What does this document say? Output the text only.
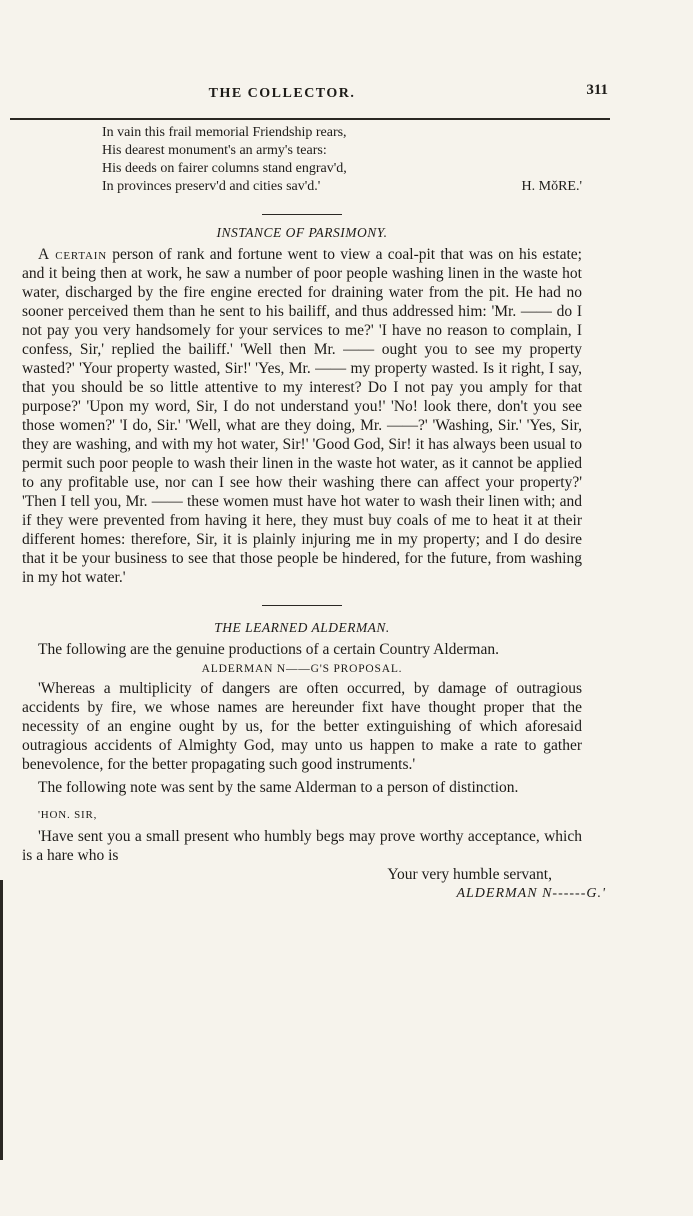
THE COLLECTOR.	311
In vain this frail memorial Friendship rears,
His dearest monument's an army's tears:
His deeds on fairer columns stand engrav'd,
In provinces preserv'd and cities sav'd.'	H. MŏRE.'
INSTANCE OF PARSIMONY.

A certain person of rank and fortune went to view a coal-pit that was on his estate; and it being then at work, he saw a number of poor people washing linen in the waste hot water, discharged by the fire engine erected for draining water from the pit. He had no sooner perceived them than he sent to his bailiff, and thus addressed him: 'Mr. —— do I not pay you very handsomely for your services to me?' 'I have no reason to complain, I confess, Sir,' replied the bailiff.' 'Well then Mr. —— ought you to see my property wasted?' 'Your property wasted, Sir!' 'Yes, Mr. —— my property wasted. Is it right, I say, that you should be so little attentive to my interest? Do I not pay you amply for that purpose?' 'Upon my word, Sir, I do not understand you!' 'No! look there, don't you see those women?' 'I do, Sir.' 'Well, what are they doing, Mr. ——?' 'Washing, Sir.' 'Yes, Sir, they are washing, and with my hot water, Sir!' 'Good God, Sir! it has always been usual to permit such poor people to wash their linen in the waste hot water, as it cannot be applied to any profitable use, nor can I see how their washing there can affect your property?' 'Then I tell you, Mr. —— these women must have hot water to wash their linen with; and if they were prevented from having it here, they must buy coals of me to heat it at their different homes: therefore, Sir, it is plainly injuring me in my property; and I do desire that it be your business to see that those people be hindered, for the future, from washing in my hot water.'

THE LEARNED ALDERMAN.

The following are the genuine productions of a certain Country Alderman.

ALDERMAN N——G'S PROPOSAL.

'Whereas a multiplicity of dangers are often occurred, by damage of outragious accidents by fire, we whose names are hereunder fixt have thought proper that the necessity of an engine ought by us, for the better extinguishing of which aforesaid outragious accidents of Almighty God, may unto us happen to make a rate to gather benevolence, for the better propagating such good instruments.'

The following note was sent by the same Alderman to a person of distinction.

'HON. SIR,

'Have sent you a small present who humbly begs may prove worthy acceptance, which is a hare who is

Your very humble servant,
ALDERMAN N------G.'
